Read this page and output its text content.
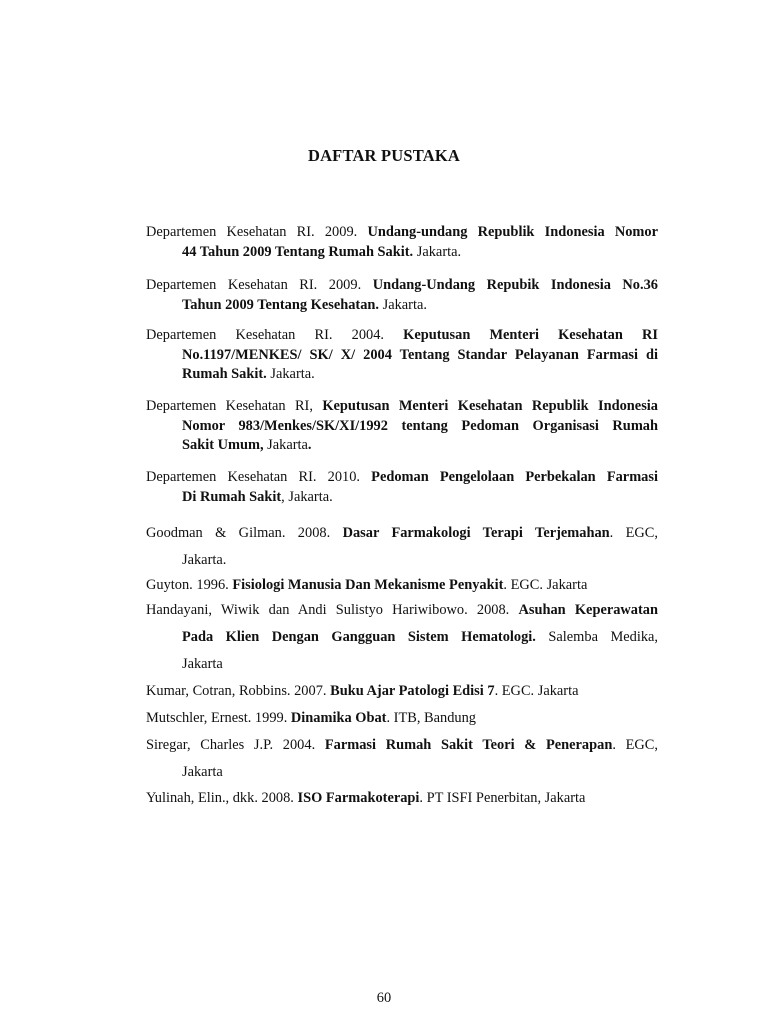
DAFTAR PUSTAKA
Departemen Kesehatan RI. 2009. Undang-undang Republik Indonesia Nomor
44 Tahun 2009 Tentang Rumah Sakit. Jakarta.
Departemen Kesehatan RI. 2009. Undang-Undang Repubik Indonesia No.36
Tahun 2009 Tentang Kesehatan. Jakarta.
Departemen Kesehatan RI. 2004. Keputusan Menteri Kesehatan RI
No.1197/MENKES/ SK/ X/ 2004 Tentang Standar Pelayanan Farmasi di
Rumah Sakit. Jakarta.
Departemen Kesehatan RI, Keputusan Menteri Kesehatan Republik Indonesia
Nomor 983/Menkes/SK/XI/1992 tentang Pedoman Organisasi Rumah
Sakit Umum, Jakarta.
Departemen Kesehatan RI. 2010. Pedoman Pengelolaan Perbekalan Farmasi
Di Rumah Sakit, Jakarta.
Goodman & Gilman. 2008. Dasar Farmakologi Terapi Terjemahan. EGC,
Jakarta.
Guyton. 1996. Fisiologi Manusia Dan Mekanisme Penyakit. EGC. Jakarta
Handayani, Wiwik dan Andi Sulistyo Hariwibowo. 2008. Asuhan Keperawatan
Pada Klien Dengan Gangguan Sistem Hematologi. Salemba Medika,
Jakarta
Kumar, Cotran, Robbins. 2007. Buku Ajar Patologi Edisi 7. EGC. Jakarta
Mutschler, Ernest. 1999. Dinamika Obat. ITB, Bandung
Siregar, Charles J.P. 2004. Farmasi Rumah Sakit Teori & Penerapan. EGC,
Jakarta
Yulinah, Elin., dkk. 2008. ISO Farmakoterapi. PT ISFI Penerbitan, Jakarta
60
